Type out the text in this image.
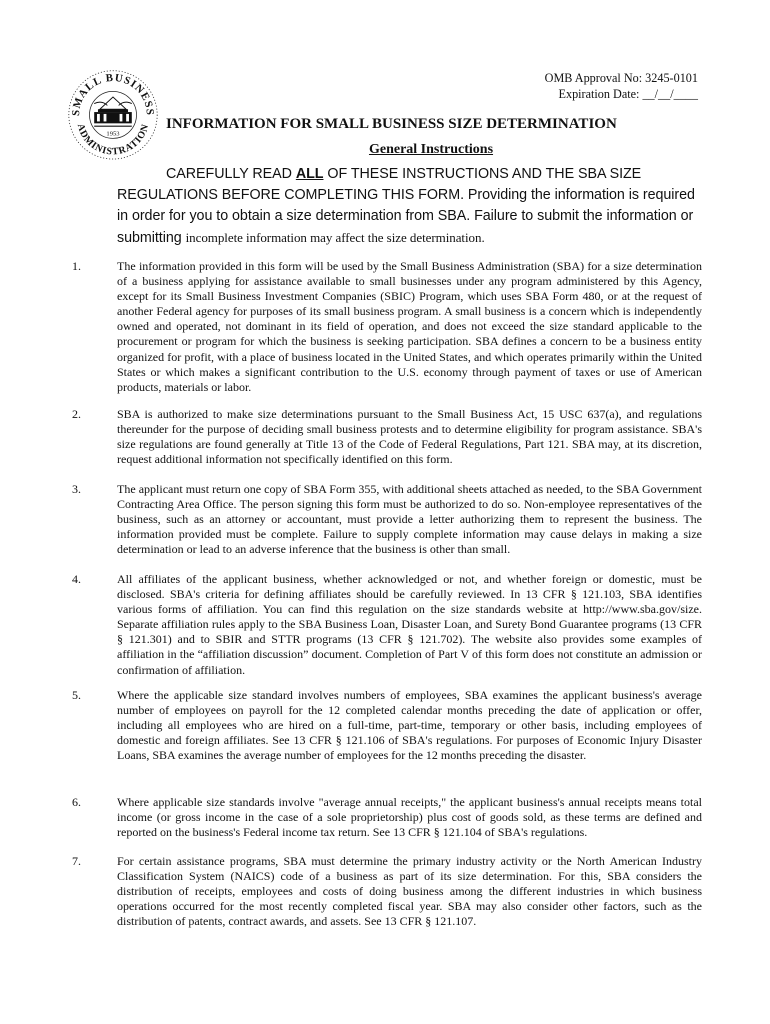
SMALL BUSINESS
ADMINISTRATION
1953
OMB Approval No: 3245-0101
Expiration Date: __/__/____
INFORMATION FOR SMALL BUSINESS SIZE DETERMINATION
General Instructions
CAREFULLY READ ALL OF THESE INSTRUCTIONS AND THE SBA SIZE REGULATIONS BEFORE COMPLETING THIS FORM. Providing the information is required in order for you to obtain a size determination from SBA. Failure to submit the information or submitting incomplete information may affect the size determination.
1.	The information provided in this form will be used by the Small Business Administration (SBA) for a size determination of a business applying for assistance available to small businesses under any program administered by this Agency, except for its Small Business Investment Companies (SBIC) Program, which uses SBA Form 480, or at the request of another Federal agency for purposes of its small business program. A small business is a concern which is independently owned and operated, not dominant in its field of operation, and does not exceed the size standard applicable to the procurement or program for which the business is seeking participation. SBA defines a concern to be a business entity organized for profit, with a place of business located in the United States, and which operates primarily within the United States or which makes a significant contribution to the U.S. economy through payment of taxes or use of American products, materials or labor.
2.	SBA is authorized to make size determinations pursuant to the Small Business Act, 15 USC 637(a), and regulations thereunder for the purpose of deciding small business protests and to determine eligibility for program assistance. SBA's size regulations are found generally at Title 13 of the Code of Federal Regulations, Part 121. SBA may, at its discretion, request additional information not specifically identified on this form.
3.	The applicant must return one copy of SBA Form 355, with additional sheets attached as needed, to the SBA Government Contracting Area Office. The person signing this form must be authorized to do so. Non-employee representatives of the business, such as an attorney or accountant, must provide a letter authorizing them to represent the business. The information provided must be complete. Failure to supply complete information may cause delays in making a size determination or lead to an adverse inference that the business is other than small.
4.	All affiliates of the applicant business, whether acknowledged or not, and whether foreign or domestic, must be disclosed. SBA's criteria for defining affiliates should be carefully reviewed. In 13 CFR § 121.103, SBA identifies various forms of affiliation. You can find this regulation on the size standards website at http://www.sba.gov/size. Separate affiliation rules apply to the SBA Business Loan, Disaster Loan, and Surety Bond Guarantee programs (13 CFR § 121.301) and to SBIR and STTR programs (13 CFR § 121.702). The website also provides some examples of affiliation in the “affiliation discussion” document. Completion of Part V of this form does not constitute an admission or confirmation of affiliation.
5.	Where the applicable size standard involves numbers of employees, SBA examines the applicant business's average number of employees on payroll for the 12 completed calendar months preceding the date of application or offer, including all employees who are hired on a full-time, part-time, temporary or other basis, including employees of domestic and foreign affiliates. See 13 CFR § 121.106 of SBA's regulations. For purposes of Economic Injury Disaster Loans, SBA examines the average number of employees for the 12 months preceding the disaster.
6.	Where applicable size standards involve "average annual receipts," the applicant business's annual receipts means total income (or gross income in the case of a sole proprietorship) plus cost of goods sold, as these terms are defined and reported on the business's Federal income tax return. See 13 CFR § 121.104 of SBA's regulations.
7.	For certain assistance programs, SBA must determine the primary industry activity or the North American Industry Classification System (NAICS) code of a business as part of its size determination. For this, SBA considers the distribution of receipts, employees and costs of doing business among the different industries in which business operations occurred for the most recently completed fiscal year. SBA may also consider other factors, such as the distribution of patents, contract awards, and assets. See 13 CFR § 121.107.
